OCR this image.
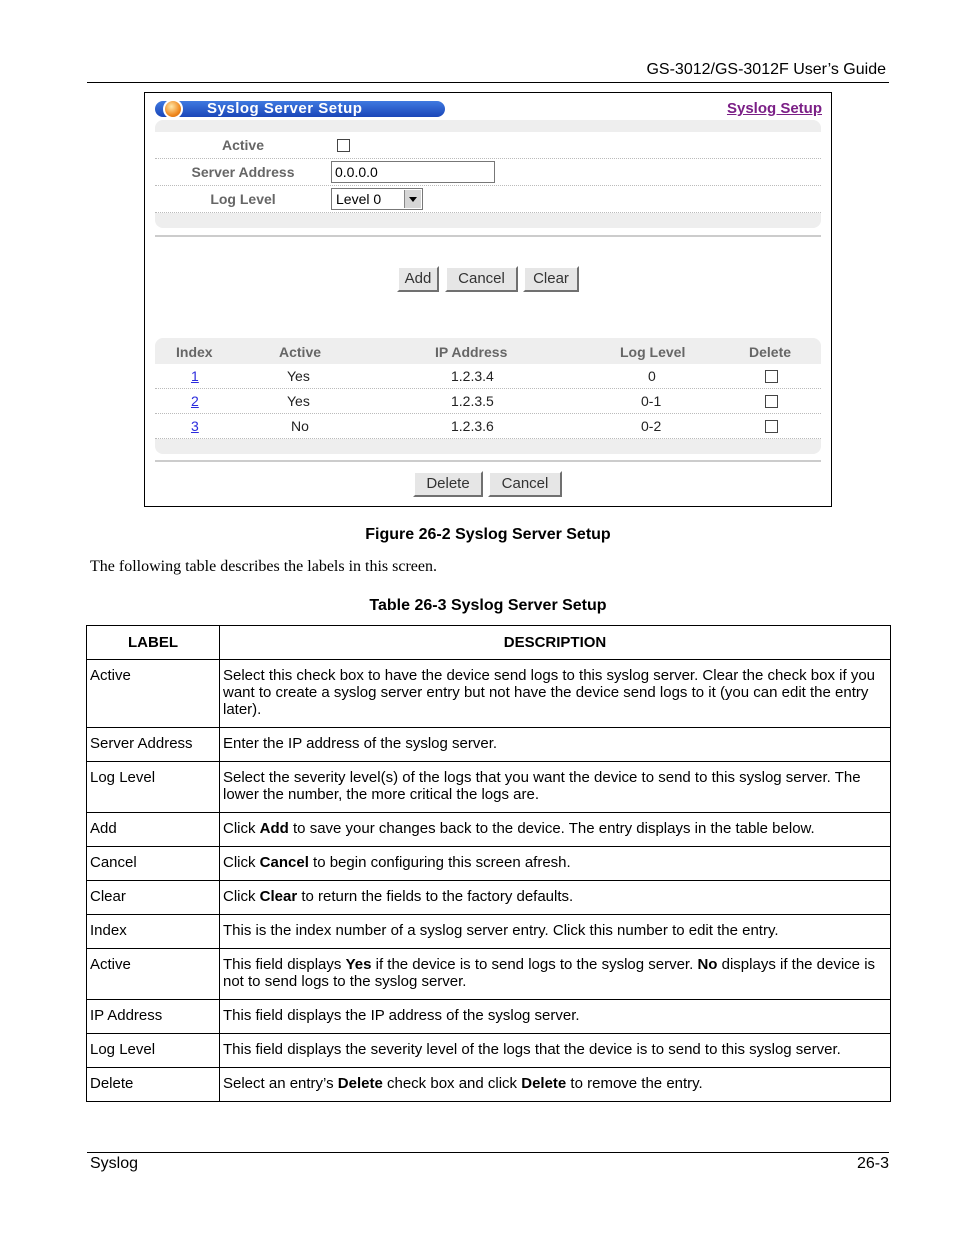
GS-3012/GS-3012F User’s Guide
Syslog Server Setup	Syslog Setup
Active
Server Address	0.0.0.0
Log Level	Level 0
Add	Cancel	Clear
Index	Active	IP Address	Log Level	Delete
1	Yes	1.2.3.4	0
2	Yes	1.2.3.5	0-1
3	No	1.2.3.6	0-2
Delete	Cancel
Figure 26-2 Syslog Server Setup
The following table describes the labels in this screen.
Table 26-3 Syslog Server Setup
LABEL	DESCRIPTION
Active	Select this check box to have the device send logs to this syslog server. Clear the check box if you want to create a syslog server entry but not have the device send logs to it (you can edit the entry later).
Server Address	Enter the IP address of the syslog server.
Log Level	Select the severity level(s) of the logs that you want the device to send to this syslog server. The lower the number, the more critical the logs are.
Add	Click Add to save your changes back to the device. The entry displays in the table below.
Cancel	Click Cancel to begin configuring this screen afresh.
Clear	Click Clear to return the fields to the factory defaults.
Index	This is the index number of a syslog server entry. Click this number to edit the entry.
Active	This field displays Yes if the device is to send logs to the syslog server. No displays if the device is not to send logs to the syslog server.
IP Address	This field displays the IP address of the syslog server.
Log Level	This field displays the severity level of the logs that the device is to send to this syslog server.
Delete	Select an entry’s Delete check box and click Delete to remove the entry.
Syslog	26-3
